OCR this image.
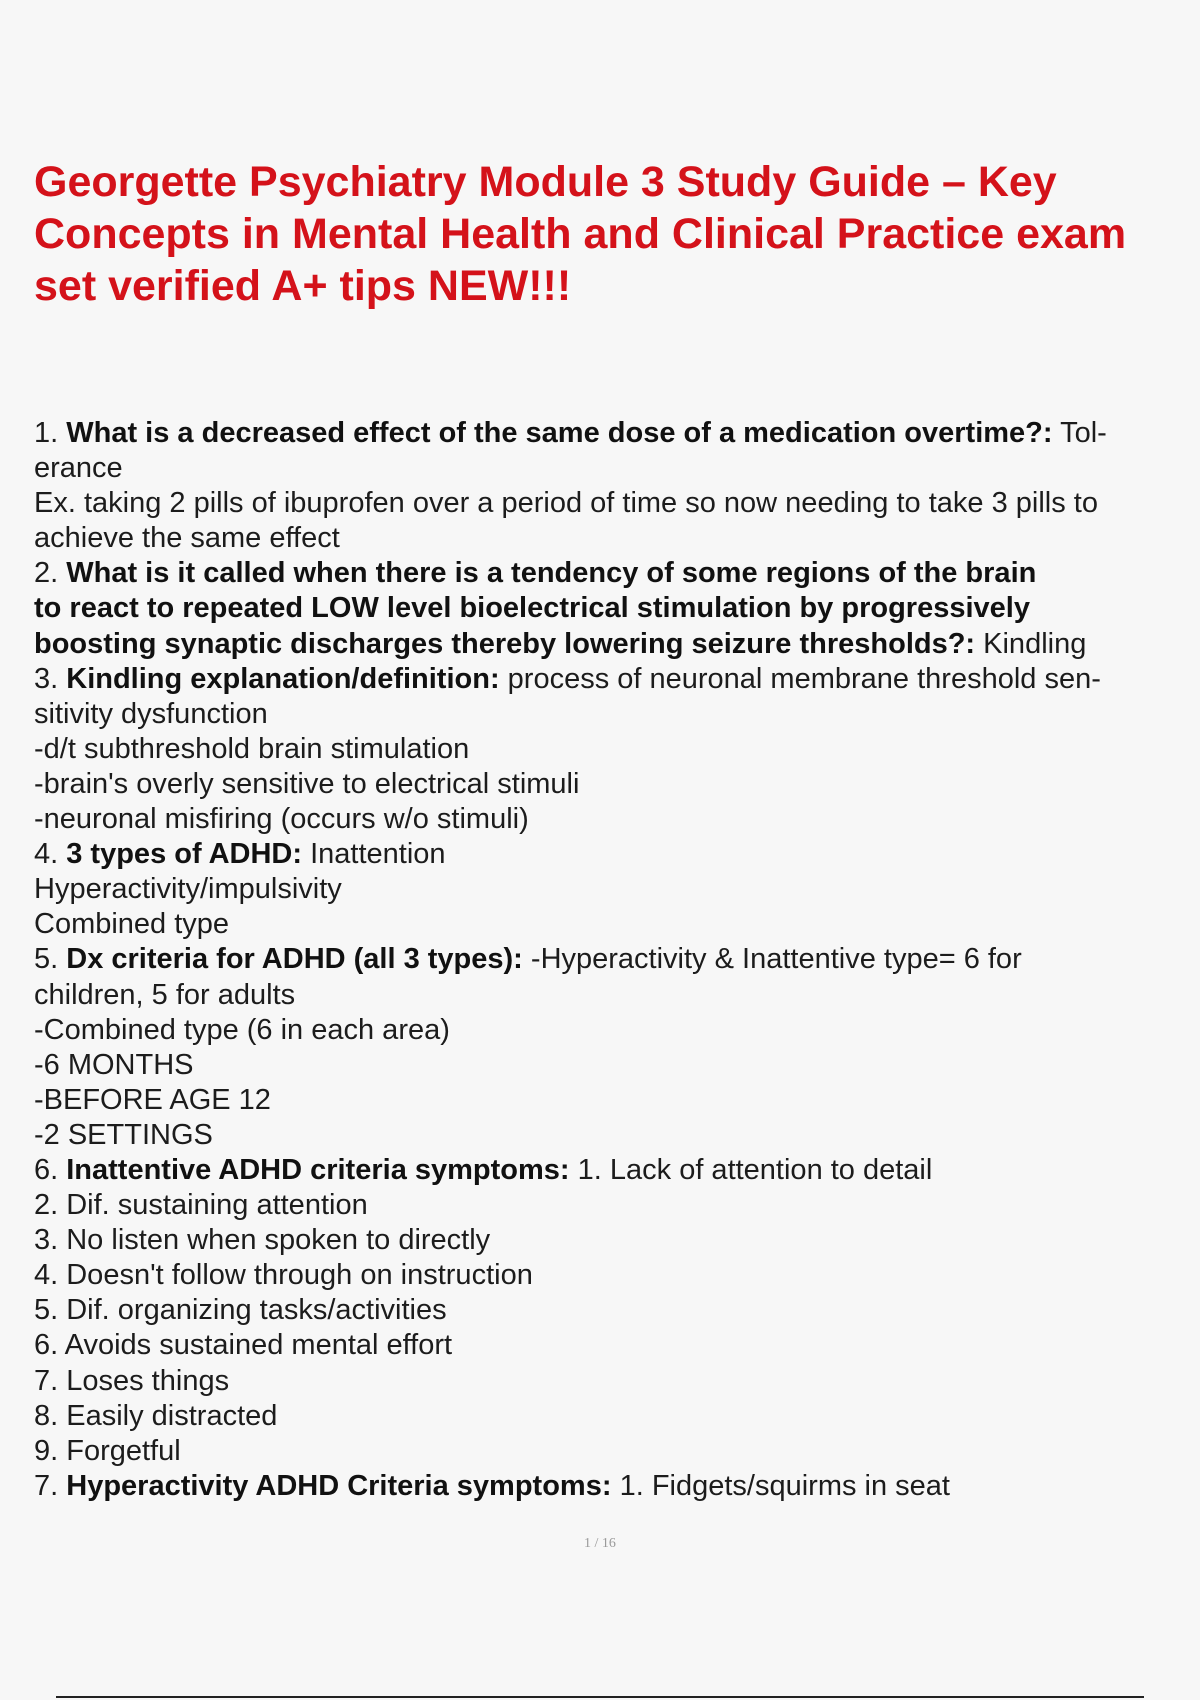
Georgette Psychiatry Module 3 Study Guide – Key Concepts in Mental Health and Clinical Practice exam set verified A+ tips NEW!!!
1. What is a decreased effect of the same dose of a medication overtime?: Tol-
erance
Ex. taking 2 pills of ibuprofen over a period of time so now needing to take 3 pills to
achieve the same effect
2. What is it called when there is a tendency of some regions of the brain
to react to repeated LOW level bioelectrical stimulation by progressively
boosting synaptic discharges thereby lowering seizure thresholds?: Kindling
3. Kindling explanation/definition: process of neuronal membrane threshold sen-
sitivity dysfunction
-d/t subthreshold brain stimulation
-brain's overly sensitive to electrical stimuli
-neuronal misfiring (occurs w/o stimuli)
4. 3 types of ADHD: Inattention
Hyperactivity/impulsivity
Combined type
5. Dx criteria for ADHD (all 3 types): -Hyperactivity & Inattentive type= 6 for
children, 5 for adults
-Combined type (6 in each area)
-6 MONTHS
-BEFORE AGE 12
-2 SETTINGS
6. Inattentive ADHD criteria symptoms: 1. Lack of attention to detail
2. Dif. sustaining attention
3. No listen when spoken to directly
4. Doesn't follow through on instruction
5. Dif. organizing tasks/activities
6. Avoids sustained mental effort
7. Loses things
8. Easily distracted
9. Forgetful
7. Hyperactivity ADHD Criteria symptoms: 1. Fidgets/squirms in seat
1 / 16
